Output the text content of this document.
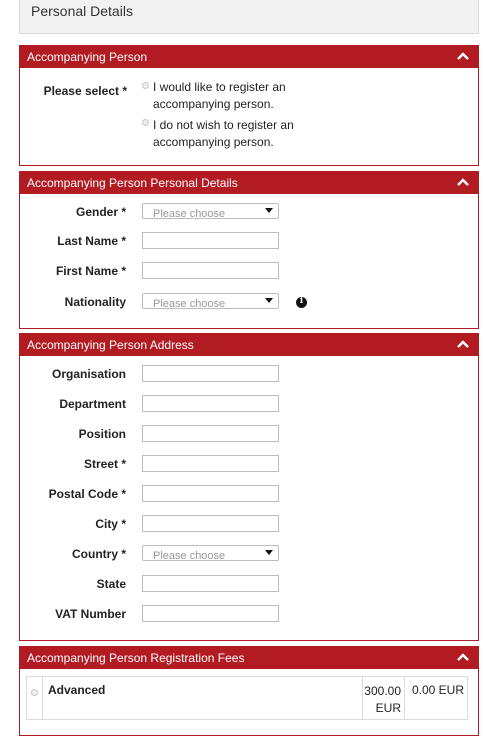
Personal Details
Accompanying Person
Please select * I would like to register an accompanying person.
I do not wish to register an accompanying person.
Accompanying Person Personal Details
Gender * Please choose
Last Name *
First Name *
Nationality Please choose	i
Accompanying Person Address
Organisation
Department
Position
Street *
Postal Code *
City *
Country * Please choose
State
VAT Number
Accompanying Person Registration Fees
Advanced	300.00
EUR
0.00 EUR
